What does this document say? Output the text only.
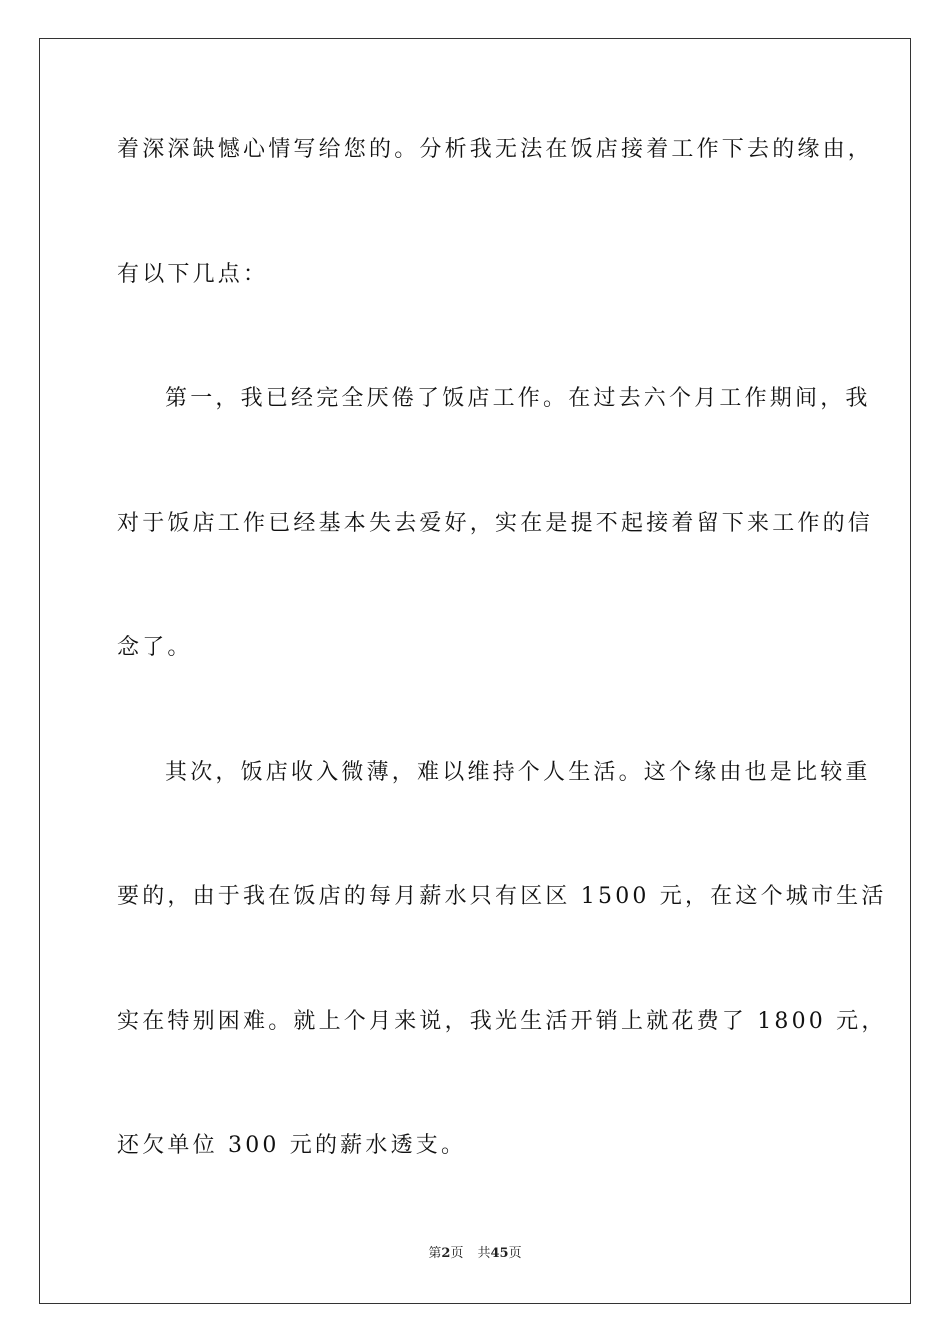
着深深缺憾心情写给您的。分析我无法在饭店接着工作下去的缘由，
有以下几点：
第一，我已经完全厌倦了饭店工作。在过去六个月工作期间，我
对于饭店工作已经基本失去爱好，实在是提不起接着留下来工作的信
念了。
其次，饭店收入微薄，难以维持个人生活。这个缘由也是比较重
要的，由于我在饭店的每月薪水只有区区 1500 元，在这个城市生活
实在特别困难。就上个月来说，我光生活开销上就花费了 1800 元，
还欠单位 300 元的薪水透支。
第2页 共45页
